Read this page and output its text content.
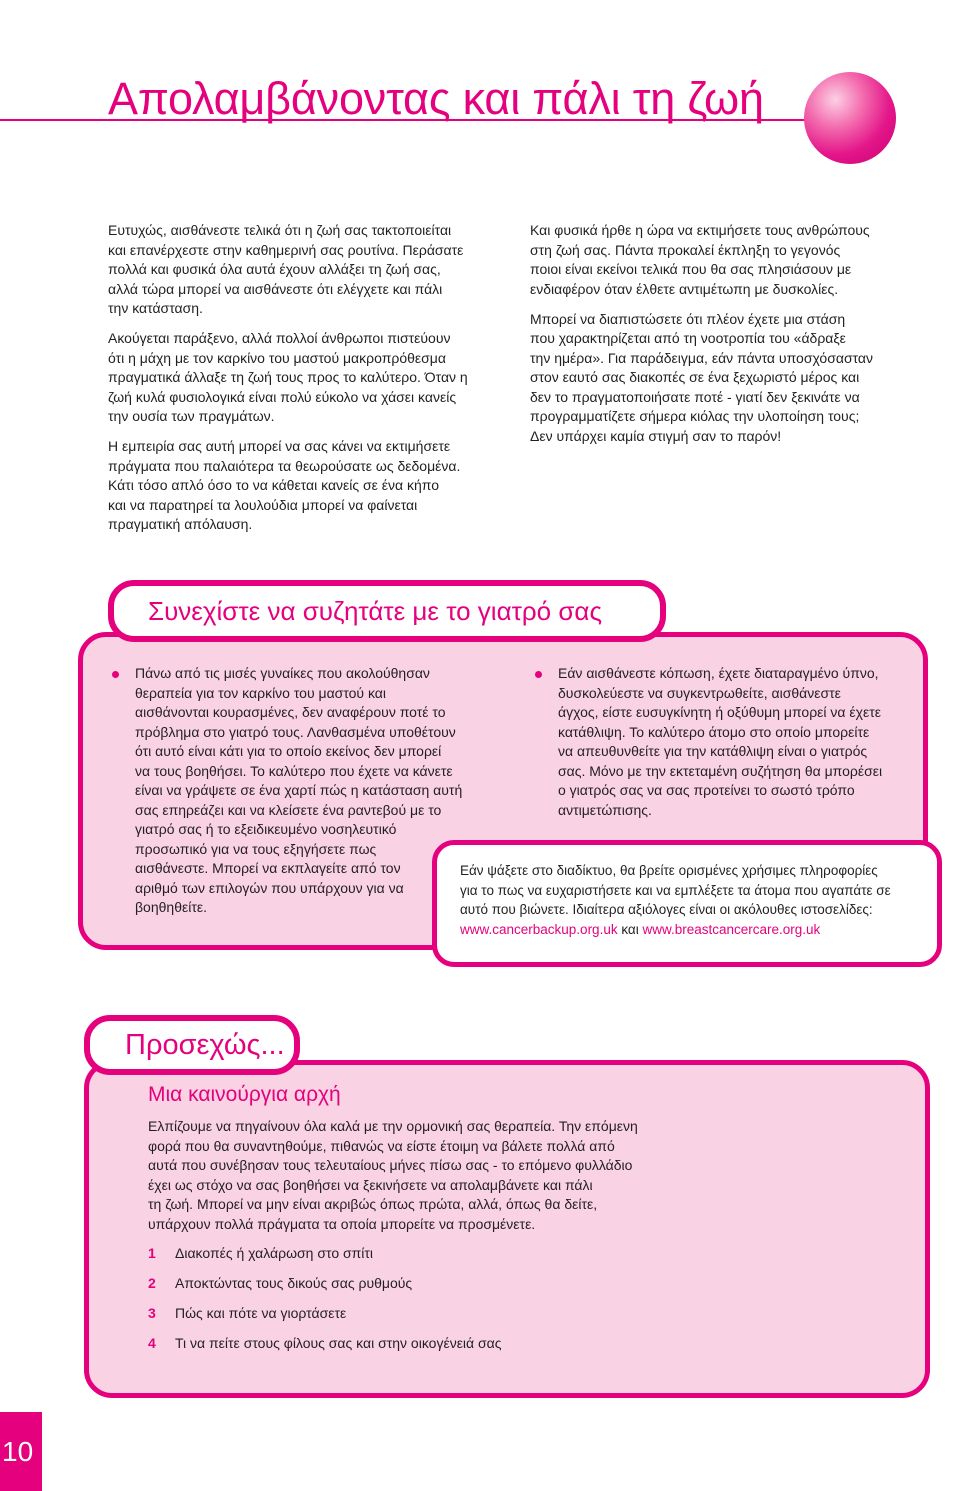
Απολαμβάνοντας και πάλι τη ζωή
Ευτυχώς, αισθάνεστε τελικά ότι η ζωή σας τακτοποιείται
και επανέρχεστε στην καθημερινή σας ρουτίνα. Περάσατε
πολλά και φυσικά όλα αυτά έχουν αλλάξει τη ζωή σας,
αλλά τώρα μπορεί να αισθάνεστε ότι ελέγχετε και πάλι
την κατάσταση.
Ακούγεται παράξενο, αλλά πολλοί άνθρωποι πιστεύουν
ότι η μάχη με τον καρκίνο του μαστού μακροπρόθεσμα
πραγματικά άλλαξε τη ζωή τους προς το καλύτερο. Όταν η
ζωή κυλά φυσιολογικά είναι πολύ εύκολο να χάσει κανείς
την ουσία των πραγμάτων.
Η εμπειρία σας αυτή μπορεί να σας κάνει να εκτιμήσετε
πράγματα που παλαιότερα τα θεωρούσατε ως δεδομένα.
Κάτι τόσο απλό όσο το να κάθεται κανείς σε ένα κήπο
και να παρατηρεί τα λουλούδια μπορεί να φαίνεται
πραγματική απόλαυση.
Και φυσικά ήρθε η ώρα να εκτιμήσετε τους ανθρώπους
στη ζωή σας. Πάντα προκαλεί έκπληξη το γεγονός
ποιοι είναι εκείνοι τελικά που θα σας πλησιάσουν με
ενδιαφέρον όταν έλθετε αντιμέτωπη με δυσκολίες.
Μπορεί να διαπιστώσετε ότι πλέον έχετε μια στάση
που χαρακτηρίζεται από τη νοοτροπία του «άδραξε
την ημέρα». Για παράδειγμα, εάν πάντα υποσχόσασταν
στον εαυτό σας διακοπές σε ένα ξεχωριστό μέρος και
δεν το πραγματοποιήσατε ποτέ - γιατί δεν ξεκινάτε να
προγραμματίζετε σήμερα κιόλας την υλοποίηση τους;
Δεν υπάρχει καμία στιγμή σαν το παρόν!
Συνεχίστε να συζητάτε με το γιατρό σας
Πάνω από τις μισές γυναίκες που ακολούθησαν
θεραπεία για τον καρκίνο του μαστού και
αισθάνονται κουρασμένες, δεν αναφέρουν ποτέ το
πρόβλημα στο γιατρό τους. Λανθασμένα υποθέτουν
ότι αυτό είναι κάτι για το οποίο εκείνος δεν μπορεί
να τους βοηθήσει. Το καλύτερο που έχετε να κάνετε
είναι να γράψετε σε ένα χαρτί πώς η κατάσταση αυτή
σας επηρεάζει και να κλείσετε ένα ραντεβού με το
γιατρό σας ή το εξειδικευμένο νοσηλευτικό
προσωπικό για να τους εξηγήσετε πως
αισθάνεστε. Μπορεί να εκπλαγείτε από τον
αριθμό των επιλογών που υπάρχουν για να
βοηθηθείτε.
Εάν αισθάνεστε κόπωση, έχετε διαταραγμένο ύπνο,
δυσκολεύεστε να συγκεντρωθείτε, αισθάνεστε
άγχος, είστε ευσυγκίνητη ή οξύθυμη μπορεί να έχετε
κατάθλιψη. Το καλύτερο άτομο στο οποίο μπορείτε
να απευθυνθείτε για την κατάθλιψη είναι ο γιατρός
σας. Μόνο με την εκτεταμένη συζήτηση θα μπορέσει
ο γιατρός σας να σας προτείνει το σωστό τρόπο
αντιμετώπισης.
Εάν ψάξετε στο διαδίκτυο, θα βρείτε ορισμένες χρήσιμες πληροφορίες
για το πως να ευχαριστήσετε και να εμπλέξετε τα άτομα που αγαπάτε σε
αυτό που βιώνετε. Ιδιαίτερα αξιόλογες είναι οι ακόλουθες ιστοσελίδες:
www.cancerbackup.org.uk και www.breastcancercare.org.uk
Προσεχώς...
Μια καινούργια αρχή
Ελπίζουμε να πηγαίνουν όλα καλά με την ορμονική σας θεραπεία. Την επόμενη
φορά που θα συναντηθούμε, πιθανώς να είστε έτοιμη να βάλετε πολλά από
αυτά που συνέβησαν τους τελευταίους μήνες πίσω σας - το επόμενο φυλλάδιο
έχει ως στόχο να σας βοηθήσει να ξεκινήσετε να απολαμβάνετε και πάλι
τη ζωή. Μπορεί να μην είναι ακριβώς όπως πρώτα, αλλά, όπως θα δείτε,
υπάρχουν πολλά πράγματα τα οποία μπορείτε να προσμένετε.
1 Διακοπές ή χαλάρωση στο σπίτι
2 Αποκτώντας τους δικούς σας ρυθμούς
3 Πώς και πότε να γιορτάσετε
4 Τι να πείτε στους φίλους σας και στην οικογένειά σας
10
